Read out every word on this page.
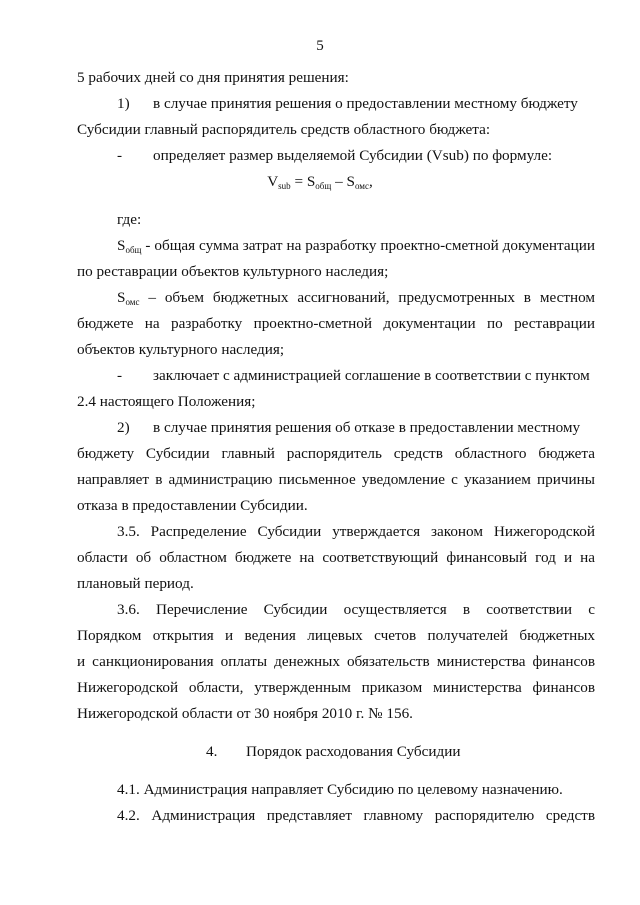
5
5 рабочих дней со дня принятия решения:
1) в случае принятия решения о предоставлении местному бюджету
Субсидии главный распорядитель средств областного бюджета:
- определяет размер выделяемой Субсидии (Vsub) по формуле:
$V_{sub} = S_{общ} - S_{омс}$,
где:
$S_{общ}$ - общая сумма затрат на разработку проектно-сметной документации
по реставрации объектов культурного наследия;
$S_{омс}$ – объем бюджетных ассигнований, предусмотренных в местном
бюджете на разработку проектно-сметной документации по реставрации
объектов культурного наследия;
- заключает с администрацией соглашение в соответствии с пунктом
2.4 настоящего Положения;
2) в случае принятия решения об отказе в предоставлении местному
бюджету Субсидии главный распорядитель средств областного бюджета
направляет в администрацию письменное уведомление с указанием причины
отказа в предоставлении Субсидии.
3.5. Распределение Субсидии утверждается законом Нижегородской
области об областном бюджете на соответствующий финансовый год и на
плановый период.
3.6. Перечисление Субсидии осуществляется в соответствии с
Порядком открытия и ведения лицевых счетов получателей бюджетных
и санкционирования оплаты денежных обязательств министерства финансов
Нижегородской области, утвержденным приказом министерства финансов
Нижегородской области от 30 ноября 2010 г. № 156.
4. Порядок расходования Субсидии
4.1. Администрация направляет Субсидию по целевому назначению.
4.2. Администрация представляет главному распорядителю средств
